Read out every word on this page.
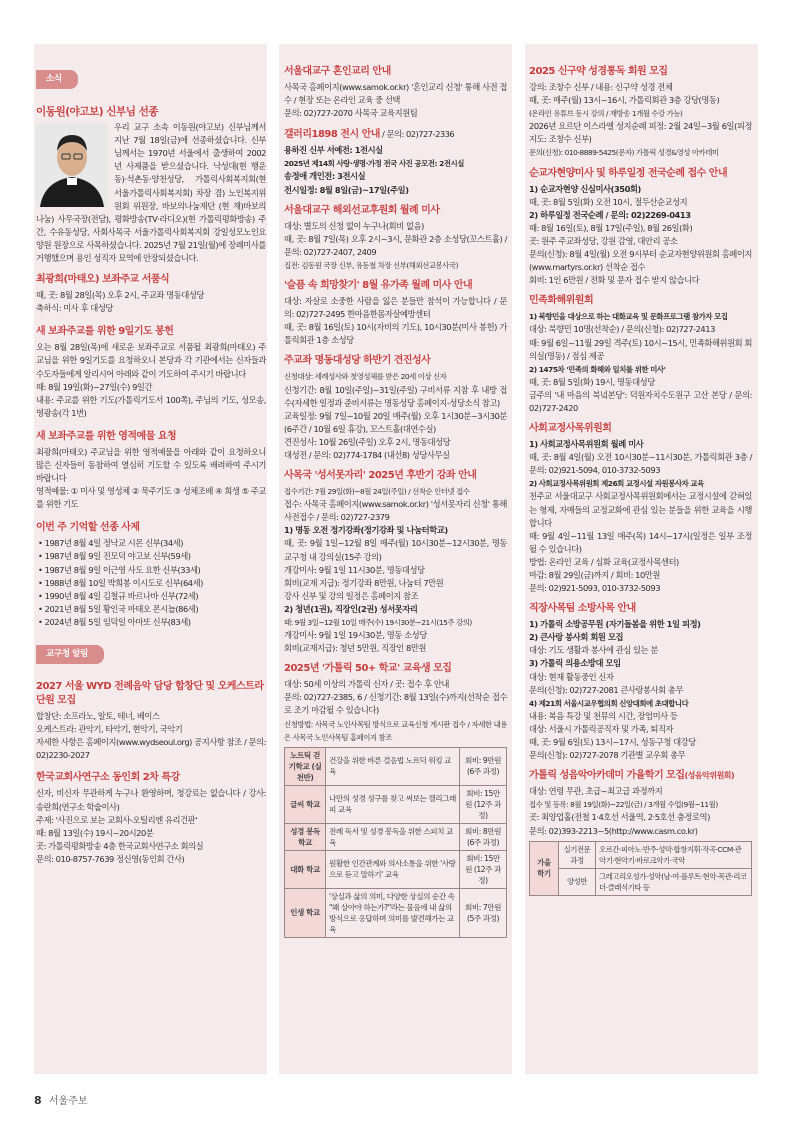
소식
이동원(야고보) 신부님 선종

우리 교구 소속 이동원(야고보) 신부님께서 지난 7월 18일(금)에 선종하셨습니다. 신부님께서는 1970년 서울에서 출생하여 2002년 사제품을 받으셨습니다. 낙성대(현 행운동)·석촌동·양천성당, 가톨릭사회복지회(현 서울가톨릭사회복지회) 차장 겸) 노인복지위원회 위원장, 바보의나눔재단 (현 재)바보의 나눔) 사무국장(전담), 평화방송(TV·라디오)(현 가톨릭평화방송) 주간, 수유동성당, 사회사목국 서울가톨릭사회복지회 강일성모노인요양원 원장으로 사목하셨습니다. 2025년 7월 21일(월)에 장례미사를 거행했으며 용인 성직자 묘역에 안장되셨습니다.

최광희(마태오) 보좌주교 서품식

때, 곳: 8월 28일(목) 오후 2시, 주교좌 명동대성당

축하식: 미사 후 대성당

새 보좌주교를 위한 9일기도 봉헌

오는 8월 28일(목)에 새로운 보좌주교로 서품될 최광희(마태오) 주교님을 위한 9일기도를 요청하오니 본당과 각 기관에서는 신자들과 수도자들에게 알리시어 아래와 같이 기도하여 주시기 바랍니다

때: 8월 19일(화)~27일(수) 9일간

내용: 주교를 위한 기도(가톨릭기도서 100쪽), 주님의 기도, 성모송, 영광송(각 1번)

새 보좌주교를 위한 영적예물 요청

최광희(마태오) 주교님을 위한 영적예물을 아래와 같이 요청하오니 많은 신자들이 동참하여 열심히 기도할 수 있도록 배려하여 주시기 바랍니다

영적예물: ① 미사 및 영성체 ② 묵주기도 ③ 성체조배 ④ 희생 ⑤ 주교를 위한 기도

이번 주 기억할 선종 사제

• 1987년 8월 4일 정낙교 시몬 신부(34세)

• 1987년 8월 9일 진모덕 야고보 신부(59세)

• 1987년 8월 9일 이근영 사도 요한 신부(33세)

• 1988년 8월 10일 박희봉 이시도로 신부(64세)

• 1990년 8월 4일 김철규 바르나바 신부(72세)

• 2021년 8월 5일 황인국 마태오 몬시뇰(86세)

• 2024년 8월 5일 임덕일 아마또 신부(83세)

교구청 알림
2027 서울 WYD 전례음악 담당 합창단 및 오케스트라 단원 모집

합창단: 소프라노, 알토, 테너, 베이스

오케스트라: 관악기, 타악기, 현악기, 국악기

자세한 사항은 홈페이지(www.wydseoul.org) 공지사항 참조 / 문의: 02)2230-2027

한국교회사연구소 동인회 2차 특강

신자, 비신자 무관하게 누구나 환영하며, 청강료는 없습니다 / 강사: 송란희(연구소 학술이사)

주제: '사진으로 보는 교회사-오틸리엔 유리건판'

때: 8월 13일(수) 19시~20시20분

곳: 가톨릭평화방송 4층 한국교회사연구소 회의실

문의: 010-8757-7639 정신영(동인회 간사)

서울대교구 혼인교리 안내

사목국 홈페이지(www.samok.or.kr) '혼인교리 신청' 통해 사전 접수 / 현장 또는 온라인 교육 중 선택

문의: 02)727-2070 사목국 교육지원팀

갤러리1898 전시 안내 / 문의: 02)727-2336

용하진 신부 서예전: 1전시실

2025년 제14회 사랑·생명·가정 전국 사진 공모전: 2전시실

송정애 개인전: 3전시실

전시일정: 8월 8일(금)~17일(주일)

서울대교구 해외선교후원회 월례 미사

대상: 별도의 신청 없이 누구나(회비 없음)

때, 곳: 8월 7일(목) 오후 2시~3시, 문화관 2층 소성당(꼬스트홀) / 문의: 02)727-2407, 2409

집전: 김동원 국장 신부, 유동철 차장 신부(해외선교봉사국)

'슬픔 속 희망찾기' 8월 유가족 월례 미사 안내

대상: 자살로 소중한 사람을 잃은 분들만 참석이 가능합니다 / 문의: 02)727-2495 한마음한몸자살예방센터

때, 곳: 8월 16일(토) 10시(자비의 기도), 10시30분(미사 봉헌) 가톨릭회관 1층 소성당

주교좌 명동대성당 하반기 견진성사

신청대상: 세례성사와 첫영성체를 받은 20세 이상 신자

신청기간: 8월 10일(주일)~31일(주일) 구비서류 지참 후 내방 접수(자세한 일정과 준비서류는 명동성당 홈페이지-성당소식 참고)

교육일정: 9월 7일~10월 20일 매주(월) 오후 1시30분~3시30분(6주간 / 10월 6일 휴강), 꼬스트홀(대연수실)

견진성사: 10월 26일(주일) 오후 2시, 명동대성당

대성전 / 문의: 02)774-1784 (내선8) 성당사무실

사목국 '성서못자리' 2025년 후반기 강좌 안내

접수기간: 7월 29일(화)~8월 24일(주일) / 선착순 인터넷 접수

접수: 사목국 홈페이지(www.samok.or.kr) '성서못자리 신청' 통해 사전접수 / 문의: 02)727-2379

1) 명동 오전 정기강좌(정기강좌 및 나눔터학교)

때, 곳: 9월 1일~12월 8일 매주(월) 10시30분~12시30분, 명동 교구청 내 강의실(15주 강의)

개강미사: 9월 1일 11시30분, 명동대성당

회비(교재 지급): 정기강좌 8만원, 나눔터 7만원

강사 신부 및 강의 일정은 홈페이지 참조

2) 청년(1권), 직장인(2권) 성서못자리

때: 9월 3일~12월 10일 매주(수) 19시30분~21시(15주 강의)

개강미사: 9월 1일 19시30분, 명동 소성당

회비(교재지급): 청년 5만원, 직장인 8만원

2025년 '가톨릭 50+ 학교' 교육생 모집

대상: 50세 이상의 가톨릭 신자 / 곳: 접수 후 안내

문의: 02)727-2385, 6 / 신청기간: 8월 13일(수)까지(선착순 접수로 조기 마감될 수 있습니다)

신청방법: 사목국 노인사목팀 방식으로 교육신청 게시판 접수 / 자세한 내용은 사목국 노인사목팀 홈페이지 참조

노트틱 걷기학교 (실천반)	건강을 위한 바른 걸음법 노르딕 워킹 교육	회비: 9만원 (6주 과정)
글씨 학교	나만의 성경 성구를 찾고 써보는 캘리그래피 교육	회비: 15만원 (12주 과정)
성경 봉독학교	전례 독서 및 성경 봉독을 위한 스피치 교육	회비: 8만원 (6주 과정)
대화 학교	원활한 인간관계와 의사소통을 위한 '사랑으로 듣고 말하기' 교육	회비: 15만원 (12주 과정)
인생 학교	'상실과 삶의 의미, 다양한 상실의 순간 속 "왜 살아야 하는가?"라는 물음에 내 삶의 방식으로 응답하며 의미를 발견해가는 교육	회비: 7만원 (5주 과정)
2025 신구약 성경통독 회원 모집

강의: 조창수 신부 / 내용: 신구약 성경 전체

때, 곳: 매주(월) 13시~16시, 가톨릭회관 3층 강당(명동)

(온라인 유튜브 동시 강의 / 재방송 1개월 수강 가능)

2026년 요르단 이스라엘 성지순례 피정: 2월 24일~3월 6일(피정지도: 조창수 신부)

문의(신청): 010-8889-5425(문자) 가톨릭 성경&영성 아카데미

순교자현양미사 및 하루일정 전국순례 접수 안내

1) 순교자현양 신심미사(350회)

때, 곳: 8월 5일(화) 오전 10시, 절두산순교성지

2) 하루일정 전국순례 / 문의: 02)2269-0413

때: 8월 16일(토), 8월 17일(주일), 8월 26일(화)

곳: 원주 주교좌성당, 강원 감영, 대안리 공소

문의(신청): 8월 4일(월) 오전 9시부터 순교자현양위원회 홈페이지(www.martyrs.or.kr) 선착순 접수

회비: 1인 6만원 / 전화 및 문자 접수 받지 않습니다

민족화해위원회

1) 북향민을 대상으로 하는 대화교육 및 문화프로그램 참가자 모집

대상: 북향민 10명(선착순) / 문의(신청): 02)727-2413

때: 9월 6일~11월 29일 격주(토) 10시~15시, 민족화해위원회 회의실(명동) / 점심 제공

2) 1475차 '민족의 화해와 일치를 위한 미사'

때, 곳: 8월 5일(화) 19시, 명동대성당

금주의 '내 마음의 북녘본당': 덕원자치수도원구 고산 본당 / 문의: 02)727-2420

사회교정사목위원회

1) 사회교정사목위원회 월례 미사

때, 곳: 8월 4일(월) 오전 10시30분~11시30분, 가톨릭회관 3층 / 문의: 02)921-5094, 010-3732-5093

2) 사회교정사목위원회 제26회 교정시설 자원봉사자 교육

천주교 서울대교구 사회교정사목위원회에서는 교정시설에 갇혀있는 형제, 자매들의 교정교화에 관심 있는 분들을 위한 교육을 시행합니다

때: 9월 4일~11월 13일 매주(목) 14시~17시(일정은 일부 조정될 수 있습니다)

방법: 온라인 교육 / 심화 교육(교정사목센터)

마감: 8월 29일(금)까지 / 회비: 10만원

문의: 02)921-5093, 010-3732-5093

직장사목팀 소방사목 안내

1) 가톨릭 소방공무원 (자기돌봄을 위한 1일 피정)

2) 큰사랑 봉사회 회원 모집

대상: 기도 생활과 봉사에 관심 있는 분

3) 가톨릭 의용소방대 모임

대상: 현재 활동중인 신자

문의(신청): 02)727-2081 큰사랑봉사회 총무

4) 제21회 서울시교우협의회 신앙대회에 초대합니다

내용: 복음 특강 및 천뮤의 시간, 장엄미사 등

대상: 서울시 가톨릭공직자 및 가족, 퇴직자

때, 곳: 9월 6일(토) 13시~17시, 성동구청 대강당

문의(신청): 02)727-2078 기관별 교우회 총무

가톨릭 성음악아카데미 가을학기 모집(성음악위원회)

대상: 연령 무관, 초급~최고급 과정까지

접수 및 등록: 8월 19일(화)~22일(금) / 3개월 수업(9월~11월)

곳: 최양업홀(전철 1·4호선 서울역, 2·5호선 충정로역)

문의: 02)393-2213~5(http://www.casm.co.kr)

가을 학기	실기전문 과정	오르간·피아노·반주·성악·합창지휘·작곡·CCM·관악기·현악기·바로크악기·국악
	양성반	그레고리오성가·성악(남·여·플루트·현악·목관·리코더·클래식기타 등
8 서울주보
